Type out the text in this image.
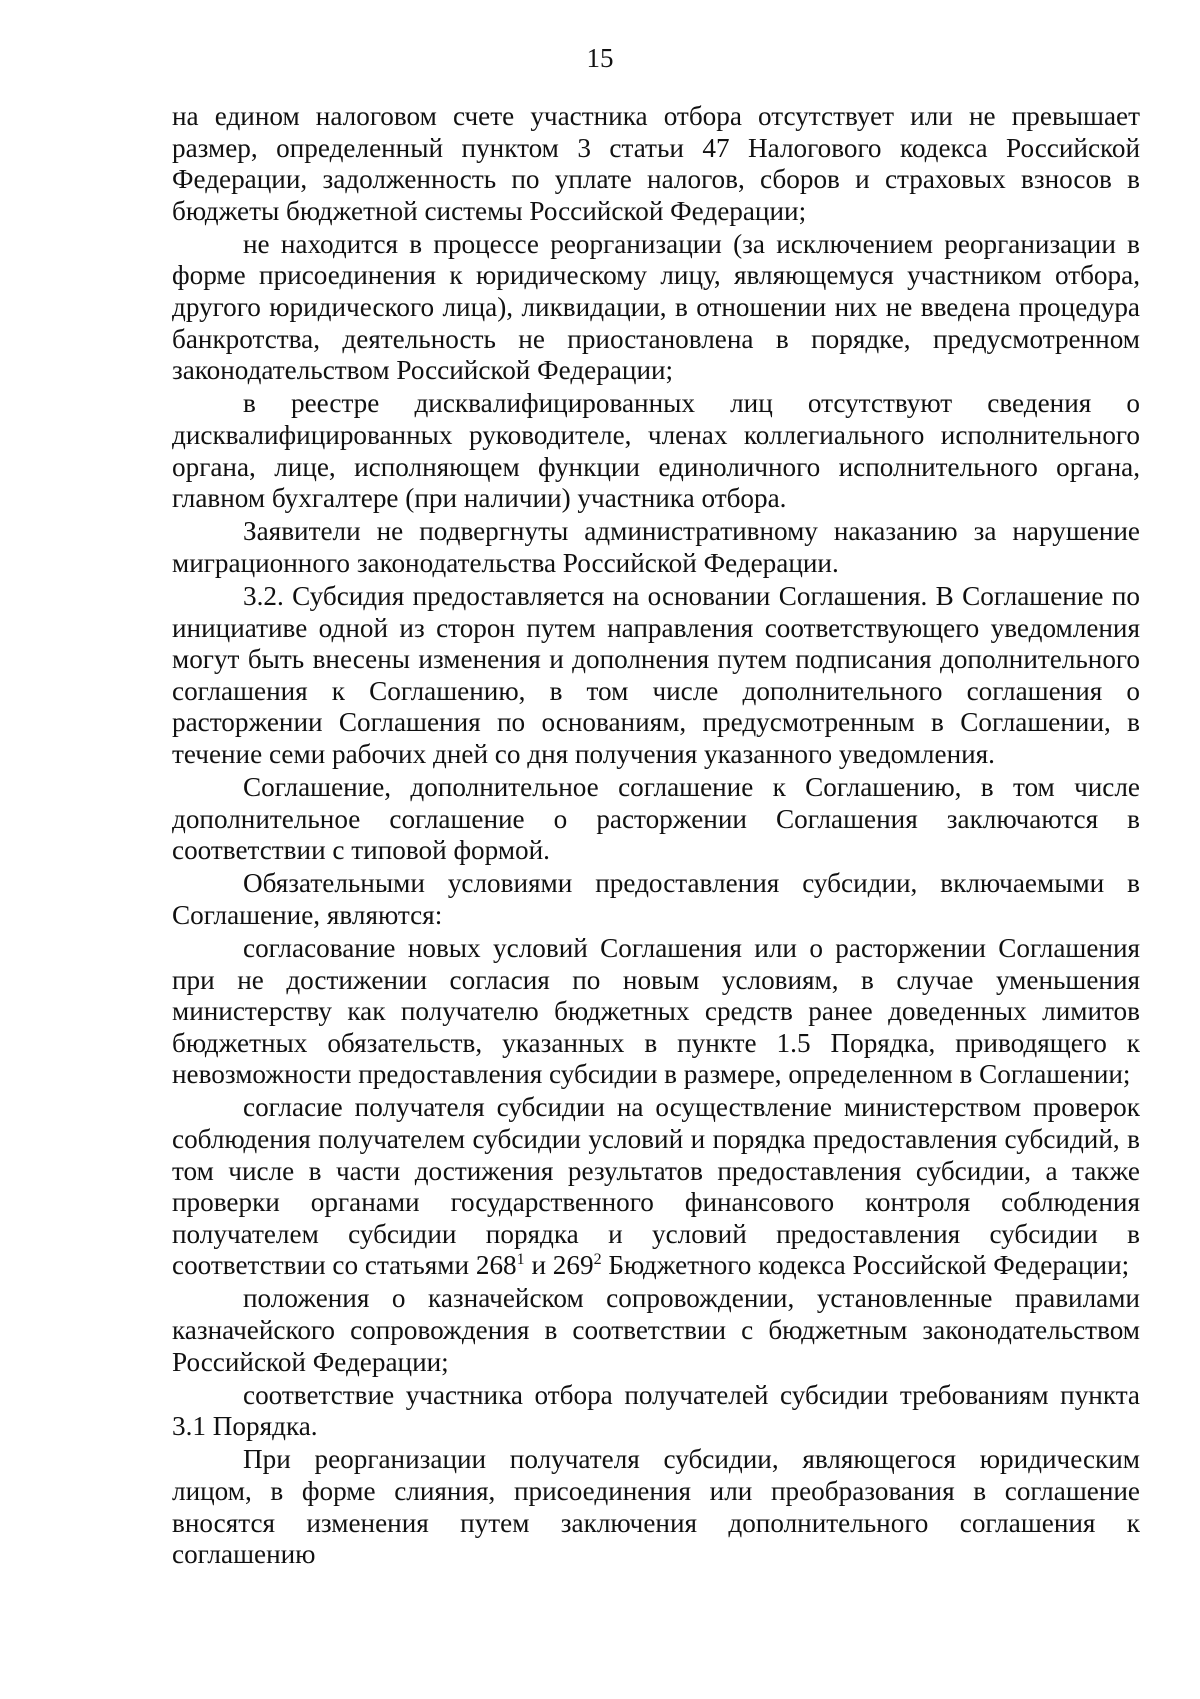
15

на едином налоговом счете участника отбора отсутствует или не превышает размер, определенный пунктом 3 статьи 47 Налогового кодекса Российской Федерации, задолженность по уплате налогов, сборов и страховых взносов в бюджеты бюджетной системы Российской Федерации;

не находится в процессе реорганизации (за исключением реорганизации в форме присоединения к юридическому лицу, являющемуся участником отбора, другого юридического лица), ликвидации, в отношении них не введена процедура банкротства, деятельность не приостановлена в порядке, предусмотренном законодательством Российской Федерации;

в реестре дисквалифицированных лиц отсутствуют сведения о дисквалифицированных руководителе, членах коллегиального исполнительного органа, лице, исполняющем функции единоличного исполнительного органа, главном бухгалтере (при наличии) участника отбора.

Заявители не подвергнуты административному наказанию за нарушение миграционного законодательства Российской Федерации.

3.2. Субсидия предоставляется на основании Соглашения. В Соглашение по инициативе одной из сторон путем направления соответствующего уведомления могут быть внесены изменения и дополнения путем подписания дополнительного соглашения к Соглашению, в том числе дополнительного соглашения о расторжении Соглашения по основаниям, предусмотренным в Соглашении, в течение семи рабочих дней со дня получения указанного уведомления.

Соглашение, дополнительное соглашение к Соглашению, в том числе дополнительное соглашение о расторжении Соглашения заключаются в соответствии с типовой формой.

Обязательными условиями предоставления субсидии, включаемыми в Соглашение, являются:

согласование новых условий Соглашения или о расторжении Соглашения при не достижении согласия по новым условиям, в случае уменьшения министерству как получателю бюджетных средств ранее доведенных лимитов бюджетных обязательств, указанных в пункте 1.5 Порядка, приводящего к невозможности предоставления субсидии в размере, определенном в Соглашении;

согласие получателя субсидии на осуществление министерством проверок соблюдения получателем субсидии условий и порядка предоставления субсидий, в том числе в части достижения результатов предоставления субсидии, а также проверки органами государственного финансового контроля соблюдения получателем субсидии порядка и условий предоставления субсидии в соответствии со статьями $268^1$ и $269^2$ Бюджетного кодекса Российской Федерации;

положения о казначейском сопровождении, установленные правилами казначейского сопровождения в соответствии с бюджетным законодательством Российской Федерации;

соответствие участника отбора получателей субсидии требованиям пункта 3.1 Порядка.

При реорганизации получателя субсидии, являющегося юридическим лицом, в форме слияния, присоединения или преобразования в соглашение вносятся изменения путем заключения дополнительного соглашения к соглашению
